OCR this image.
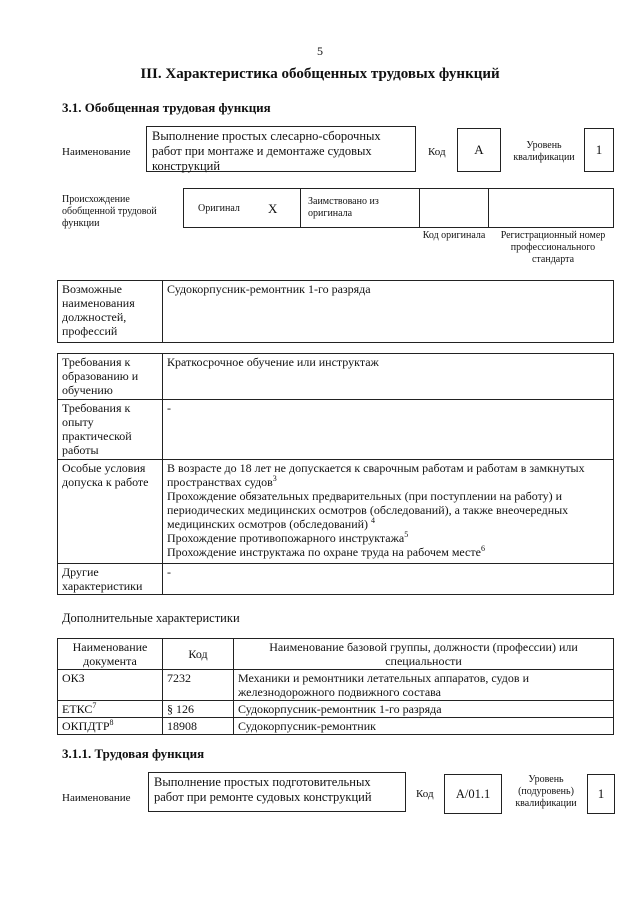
5
III. Характеристика обобщенных трудовых функций
3.1. Обобщенная трудовая функция
Наименование
Выполнение простых слесарно-сборочных работ при монтаже и демонтаже судовых конструкций
Код A	Уровень квалификации
1
Происхождение обобщенной трудовой функции
Оригинал X	Заимствовано из оригинала
Код оригинала	Регистрационный номер профессионального стандарта
Возможные наименования должностей, профессий	Судокорпусник-ремонтник 1-го разряда
Требования к образованию и обучению	Краткосрочное обучение или инструктаж
Требования к опыту практической работы	-
Особые условия допуска к работе	В возрасте до 18 лет не допускается к сварочным работам и работам в замкнутых пространствах судов$^3$
Прохождение обязательных предварительных (при поступлении на работу) и периодических медицинских осмотров (обследований), а также внеочередных медицинских осмотров (обследований) $^4$
Прохождение противопожарного инструктажа$^5$
Прохождение инструктажа по охране труда на рабочем месте$^6$

Другие характеристики	-
Дополнительные характеристики
Наименование документа	Код	Наименование базовой группы, должности (профессии) или специальности
ОКЗ	7232	Механики и ремонтники летательных аппаратов, судов и железнодорожного подвижного состава
ЕТКС$^7$	§ 126	Судокорпусник-ремонтник 1-го разряда
ОКПДТР$^8$	18908	Судокорпусник-ремонтник
3.1.1. Трудовая функция
Наименование
Выполнение простых подготовительных работ при ремонте судовых конструкций	Код A/01.1
Уровень (подуровень) квалификации
1
